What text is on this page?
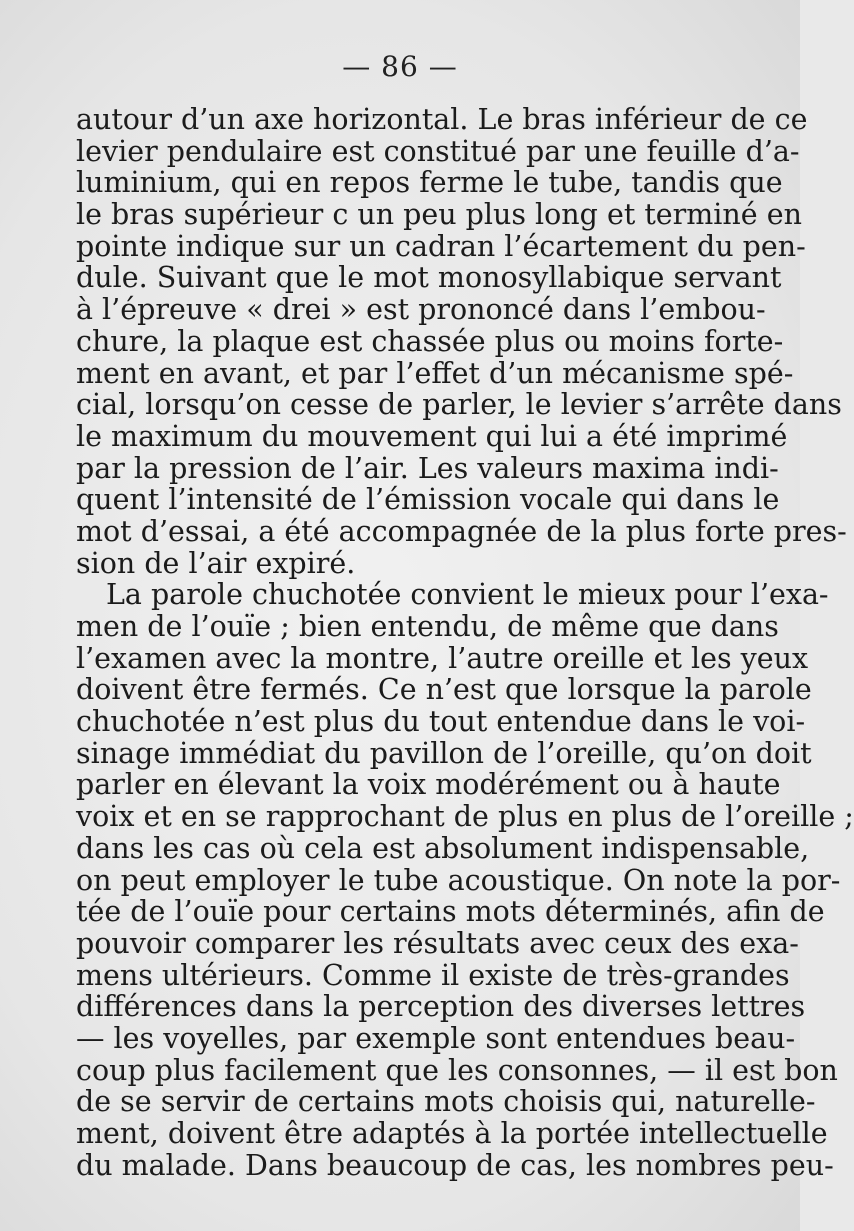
— 86 —
autour d’un axe horizontal. Le bras inférieur de ce
levier pendulaire est constitué par une feuille d’a-
luminium, qui en repos ferme le tube, tandis que
le bras supérieur c un peu plus long et terminé en
pointe indique sur un cadran l’écartement du pen-
dule. Suivant que le mot monosyllabique servant
à l’épreuve « drei » est prononcé dans l’embou-
chure, la plaque est chassée plus ou moins forte-
ment en avant, et par l’effet d’un mécanisme spé-
cial, lorsqu’on cesse de parler, le levier s’arrête dans
le maximum du mouvement qui lui a été imprimé
par la pression de l’air. Les valeurs maxima indi-
quent l’intensité de l’émission vocale qui dans le
mot d’essai, a été accompagnée de la plus forte pres-
sion de l’air expiré.
La parole chuchotée convient le mieux pour l’exa-
men de l’ouïe ; bien entendu, de même que dans
l’examen avec la montre, l’autre oreille et les yeux
doivent être fermés. Ce n’est que lorsque la parole
chuchotée n’est plus du tout entendue dans le voi-
sinage immédiat du pavillon de l’oreille, qu’on doit
parler en élevant la voix modérément ou à haute
voix et en se rapprochant de plus en plus de l’oreille ;
dans les cas où cela est absolument indispensable,
on peut employer le tube acoustique. On note la por-
tée de l’ouïe pour certains mots déterminés, afin de
pouvoir comparer les résultats avec ceux des exa-
mens ultérieurs. Comme il existe de très-grandes
différences dans la perception des diverses lettres
— les voyelles, par exemple sont entendues beau-
coup plus facilement que les consonnes, — il est bon
de se servir de certains mots choisis qui, naturelle-
ment, doivent être adaptés à la portée intellectuelle
du malade. Dans beaucoup de cas, les nombres peu-
